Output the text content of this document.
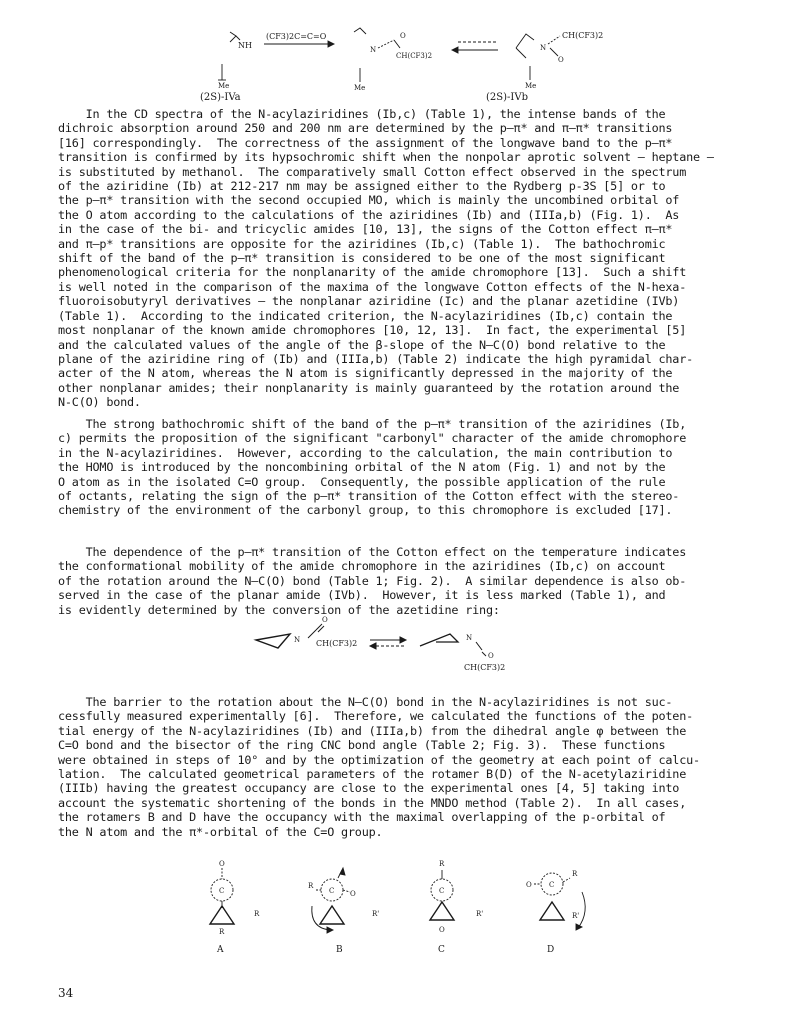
NH
(CF3)2C=C=O
Me
O
N
CH(CF3)2
Me
CH(CF3)2
N
O
Me
(2S)-IVa	(2S)-IVb
In the CD spectra of the N-acylaziridines (Ib,c) (Table 1), the intense bands of the
dichroic absorption around 250 and 200 nm are determined by the p—π* and π—π* transitions
[16] correspondingly.  The correctness of the assignment of the longwave band to the p—π*
transition is confirmed by its hypsochromic shift when the nonpolar aprotic solvent – heptane –
is substituted by methanol.  The comparatively small Cotton effect observed in the spectrum
of the aziridine (Ib) at 212-217 nm may be assigned either to the Rydberg p-3S [5] or to
the p—π* transition with the second occupied MO, which is mainly the uncombined orbital of
the O atom according to the calculations of the aziridines (Ib) and (IIIa,b) (Fig. 1).  As
in the case of the bi- and tricyclic amides [10, 13], the signs of the Cotton effect π—π*
and π—p* transitions are opposite for the aziridines (Ib,c) (Table 1).  The bathochromic
shift of the band of the p—π* transition is considered to be one of the most significant
phenomenological criteria for the nonplanarity of the amide chromophore [13].  Such a shift
is well noted in the comparison of the maxima of the longwave Cotton effects of the N-hexa-
fluoroisobutyryl derivatives – the nonplanar aziridine (Ic) and the planar azetidine (IVb)
(Table 1).  According to the indicated criterion, the N-acylaziridines (Ib,c) contain the
most nonplanar of the known amide chromophores [10, 12, 13].  In fact, the experimental [5]
and the calculated values of the angle of the β-slope of the N—C(O) bond relative to the
plane of the aziridine ring of (Ib) and (IIIa,b) (Table 2) indicate the high pyramidal char-
acter of the N atom, whereas the N atom is significantly depressed in the majority of the
other nonplanar amides; their nonplanarity is mainly guaranteed by the rotation around the
N-C(O) bond.
The strong bathochromic shift of the band of the p—π* transition of the aziridines (Ib,
c) permits the proposition of the significant "carbonyl" character of the amide chromophore
in the N-acylaziridines.  However, according to the calculation, the main contribution to
the HOMO is introduced by the noncombining orbital of the N atom (Fig. 1) and not by the
O atom as in the isolated C=O group.  Consequently, the possible application of the rule
of octants, relating the sign of the p—π* transition of the Cotton effect with the stereo-
chemistry of the environment of the carbonyl group, to this chromophore is excluded [17].
The dependence of the p—π* transition of the Cotton effect on the temperature indicates
the conformational mobility of the amide chromophore in the aziridines (Ib,c) on account
of the rotation around the N—C(O) bond (Table 1; Fig. 2).  A similar dependence is also ob-
served in the case of the planar amide (IVb).  However, it is less marked (Table 1), and
is evidently determined by the conversion of the azetidine ring:
N
O
CH(CF3)2
N
O
CH(CF3)2
The barrier to the rotation about the N—C(O) bond in the N-acylaziridines is not suc-
cessfully measured experimentally [6].  Therefore, we calculated the functions of the poten-
tial energy of the N-acylaziridines (Ib) and (IIIa,b) from the dihedral angle φ between the
C=O bond and the bisector of the ring CNC bond angle (Table 2; Fig. 3).  These functions
were obtained in steps of 10° and by the optimization of the geometry at each point of calcu-
lation.  The calculated geometrical parameters of the rotamer B(D) of the N-acetylaziridine
(IIIb) having the greatest occupancy are close to the experimental ones [4, 5] taking into
account the systematic shortening of the bonds in the MNDO method (Table 2).  In all cases,
the rotamers B and D have the occupancy with the maximal overlapping of the p-orbital of
the N atom and the π*-orbital of the C=O group.
O
C
R
R
A
R
C O
R'
B
R
C
R'
O
C
O C
R
R'
D
34
